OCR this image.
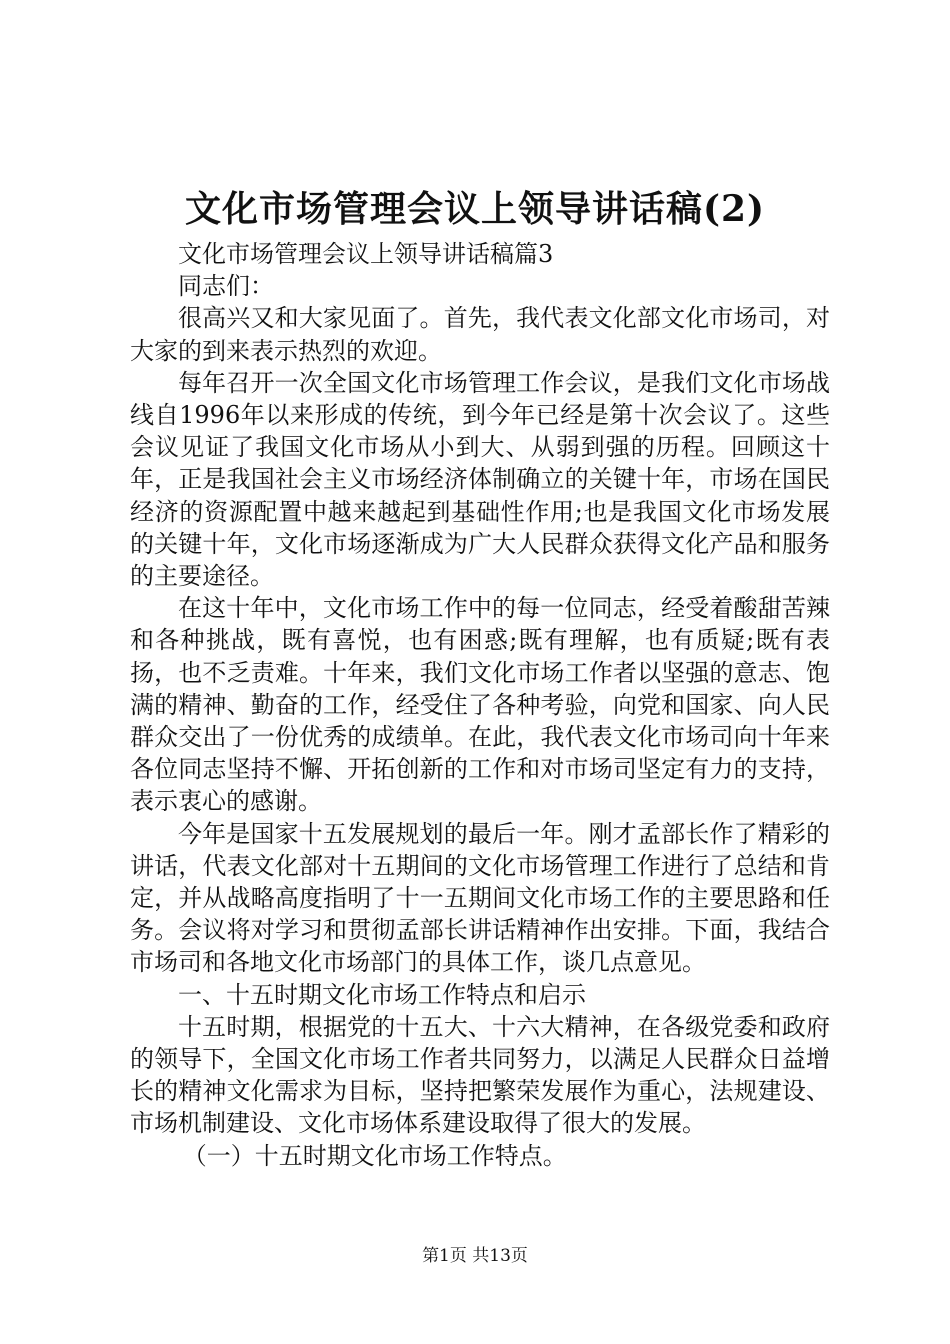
文化市场管理会议上领导讲话稿(2)

文化市场管理会议上领导讲话稿篇3

同志们：

很高兴又和大家见面了。首先，我代表文化部文化市场司，对大家的到来表示热烈的欢迎。

每年召开一次全国文化市场管理工作会议，是我们文化市场战线自1996年以来形成的传统，到今年已经是第十次会议了。这些会议见证了我国文化市场从小到大、从弱到强的历程。回顾这十年，正是我国社会主义市场经济体制确立的关键十年，市场在国民经济的资源配置中越来越起到基础性作用;也是我国文化市场发展的关键十年，文化市场逐渐成为广大人民群众获得文化产品和服务的主要途径。

在这十年中，文化市场工作中的每一位同志，经受着酸甜苦辣和各种挑战，既有喜悦，也有困惑;既有理解，也有质疑;既有表扬，也不乏责难。十年来，我们文化市场工作者以坚强的意志、饱满的精神、勤奋的工作，经受住了各种考验，向党和国家、向人民群众交出了一份优秀的成绩单。在此，我代表文化市场司向十年来各位同志坚持不懈、开拓创新的工作和对市场司坚定有力的支持，表示衷心的感谢。

今年是国家十五发展规划的最后一年。刚才孟部长作了精彩的讲话，代表文化部对十五期间的文化市场管理工作进行了总结和肯定，并从战略高度指明了十一五期间文化市场工作的主要思路和任务。会议将对学习和贯彻孟部长讲话精神作出安排。下面，我结合市场司和各地文化市场部门的具体工作，谈几点意见。

一、十五时期文化市场工作特点和启示

十五时期，根据党的十五大、十六大精神，在各级党委和政府的领导下，全国文化市场工作者共同努力，以满足人民群众日益增长的精神文化需求为目标，坚持把繁荣发展作为重心，法规建设、市场机制建设、文化市场体系建设取得了很大的发展。

（一）十五时期文化市场工作特点。

第1页 共13页
